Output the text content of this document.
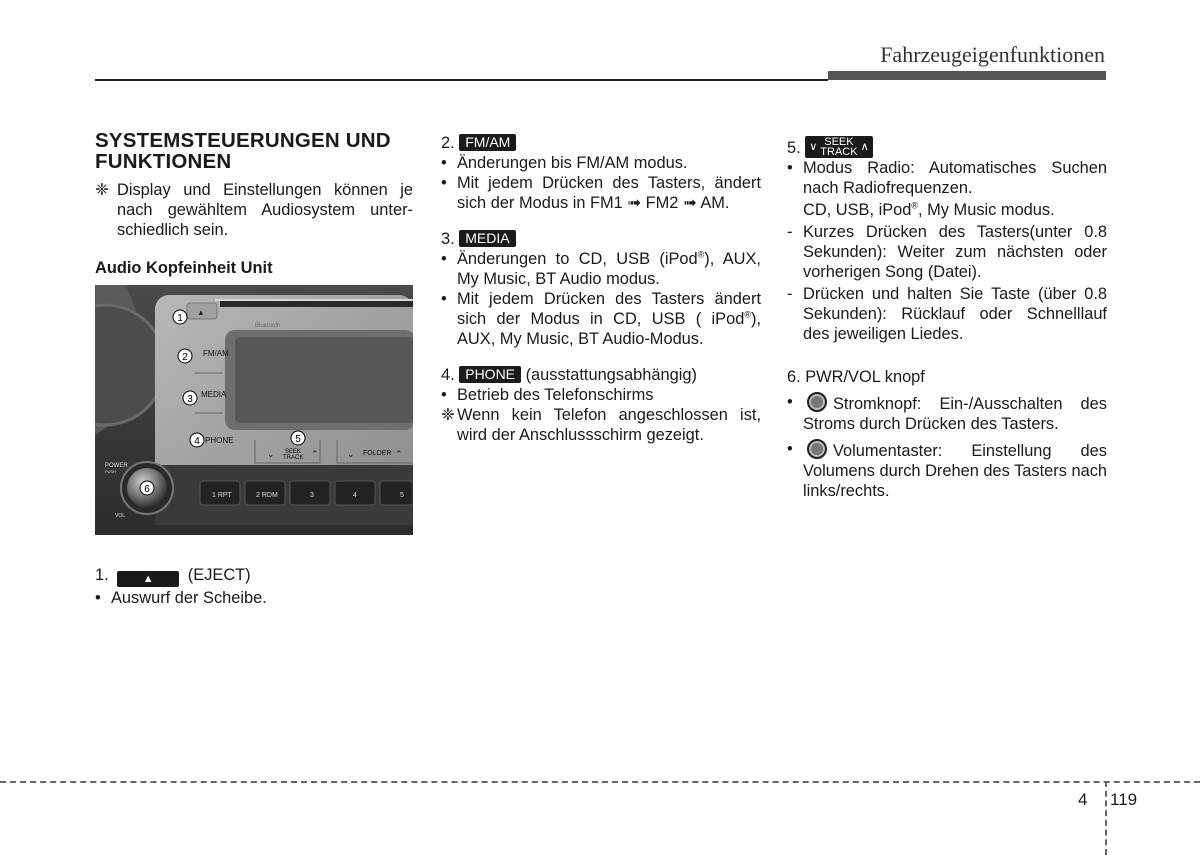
Fahrzeugeigenfunktionen
SYSTEMSTEUERUNGEN UND
FUNKTIONEN
❈ Display und Einstellungen können je nach gewähltem Audiosystem unter-schiedlich sein.
Audio Kopfeinheit Unit
Bluetooth
▲
FM/AM
MEDIA
PHONE
SEEK
TRACK
⌄	⌃	⌄ FOLDER ⌃
POWER
PUSH
VOL
1 RPT	2 RDM	3	4	5
1
2
3
4	5
6
1.	▲ (EJECT)
• Auswurf der Scheibe.
2. FM/AM
• Änderungen bis FM/AM modus.
• Mit jedem Drücken des Tasters, ändert sich der Modus in FM1 ➟ FM2 ➟ AM.
3. MEDIA
• Änderungen to CD, USB (iPod®), AUX, My Music, BT Audio modus.
• Mit jedem Drücken des Tasters ändert sich der Modus in CD, USB ( iPod®), AUX, My Music, BT Audio-Modus.
4. PHONE (ausstattungsabhängig)
• Betrieb des Telefonschirms
❈ Wenn kein Telefon angeschlossen ist, wird der Anschlussschirm gezeigt.
5. ∨ SEEK
TRACK ∧
• Modus Radio: Automatisches Suchen nach Radiofrequenzen.
CD, USB, iPod®, My Music modus.
- Kurzes Drücken des Tasters(unter 0.8 Sekunden): Weiter zum nächsten oder vorherigen Song (Datei).
- Drücken und halten Sie Taste (über 0.8 Sekunden): Rücklauf oder Schnelllauf des jeweiligen Liedes.
6. PWR/VOL knopf
•	Stromknopf: Ein-/Ausschalten des Stroms durch Drücken des Tasters.
•	Volumentaster: Einstellung des Volumens durch Drehen des Tasters nach links/rechts.
4 119
